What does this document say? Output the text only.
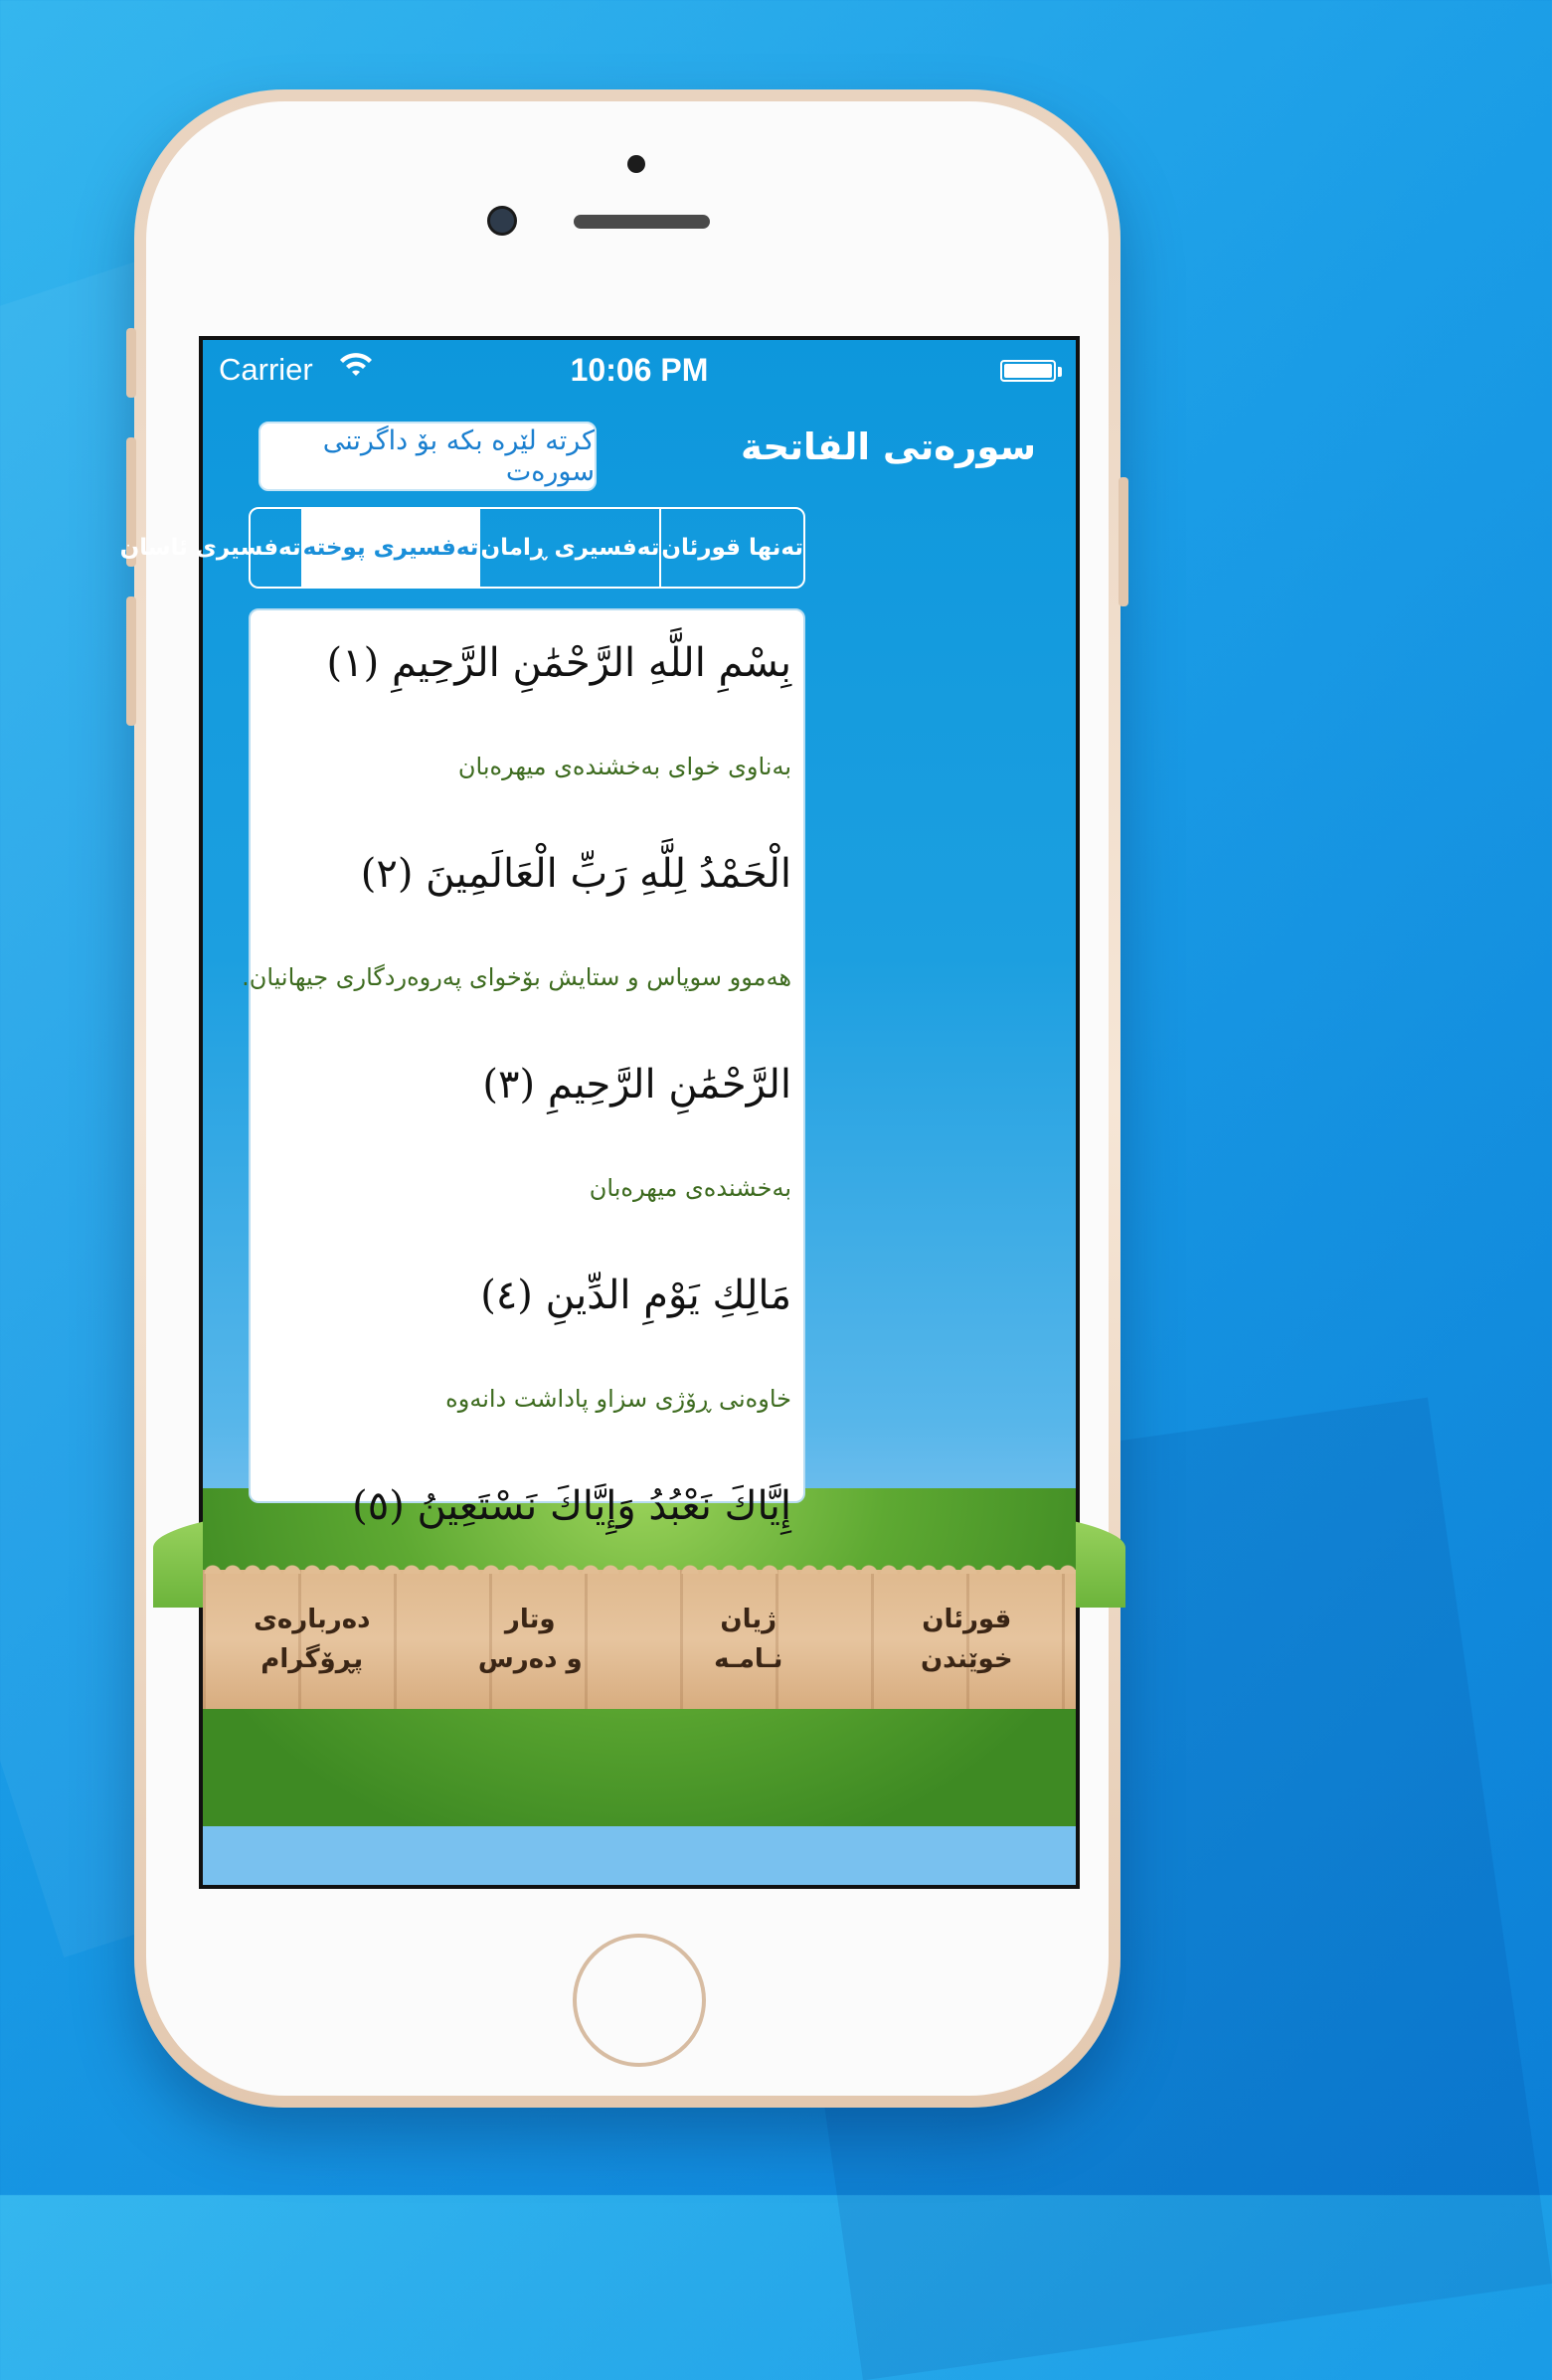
Carrier	10:06 PM
سورەتی الفاتحة
کرتە لێرە بکە بۆ داگرتنی سورەت
تەنها قورئان
تەفسیری ڕامان
تەفسیری پوختە
تەفسیری ئاسان
بِسْمِ اللَّهِ الرَّحْمَٰنِ الرَّحِيمِ (١)
بەناوی خوای بەخشندەی میهرەبان
الْحَمْدُ لِلَّهِ رَبِّ الْعَالَمِينَ (٢)
هەموو سوپاس و ستایش بۆخوای پەروەردگاری جیهانیان.
الرَّحْمَٰنِ الرَّحِيمِ (٣)
بەخشندەی میهرەبان
مَالِكِ يَوْمِ الدِّينِ (٤)
خاوەنی ڕۆژی سزاو پاداشت دانەوە
إِيَّاكَ نَعْبُدُ وَإِيَّاكَ نَسْتَعِينُ (٥)
قورئان
خوێندن
ژیان
نـامـە
وتار
و دەرس
دەربارەی
پڕۆگرام
